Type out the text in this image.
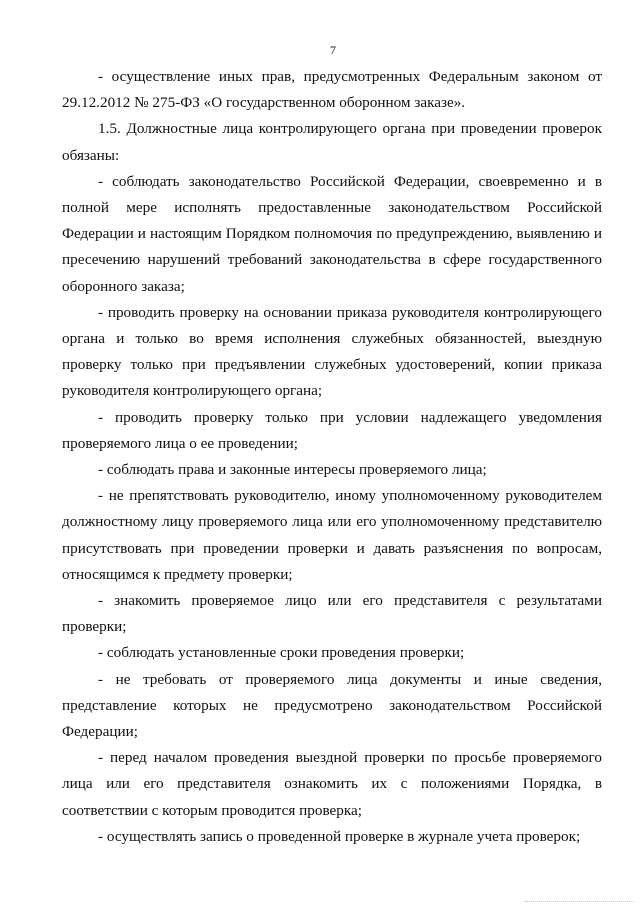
7

- осуществление иных прав, предусмотренных Федеральным законом от 29.12.2012 № 275-ФЗ «О государственном оборонном заказе».

1.5. Должностные лица контролирующего органа при проведении проверок обязаны:

- соблюдать законодательство Российской Федерации, своевременно и в полной мере исполнять предоставленные законодательством Российской Федерации и настоящим Порядком полномочия по предупреждению, выявлению и пресечению нарушений требований законодательства в сфере государственного оборонного заказа;

- проводить проверку на основании приказа руководителя контролирующего органа и только во время исполнения служебных обязанностей, выездную проверку только при предъявлении служебных удостоверений, копии приказа руководителя контролирующего органа;

- проводить проверку только при условии надлежащего уведомления проверяемого лица о ее проведении;

- соблюдать права и законные интересы проверяемого лица;

- не препятствовать руководителю, иному уполномоченному руководителем должностному лицу проверяемого лица или его уполномоченному представителю присутствовать при проведении проверки и давать разъяснения по вопросам, относящимся к предмету проверки;

- знакомить проверяемое лицо или его представителя с результатами проверки;

- соблюдать установленные сроки проведения проверки;

- не требовать от проверяемого лица документы и иные сведения, представление которых не предусмотрено законодательством Российской Федерации;

- перед началом проведения выездной проверки по просьбе проверяемого лица или его представителя ознакомить их с положениями Порядка, в соответствии с которым проводится проверка;

- осуществлять запись о проведенной проверке в журнале учета проверок;
